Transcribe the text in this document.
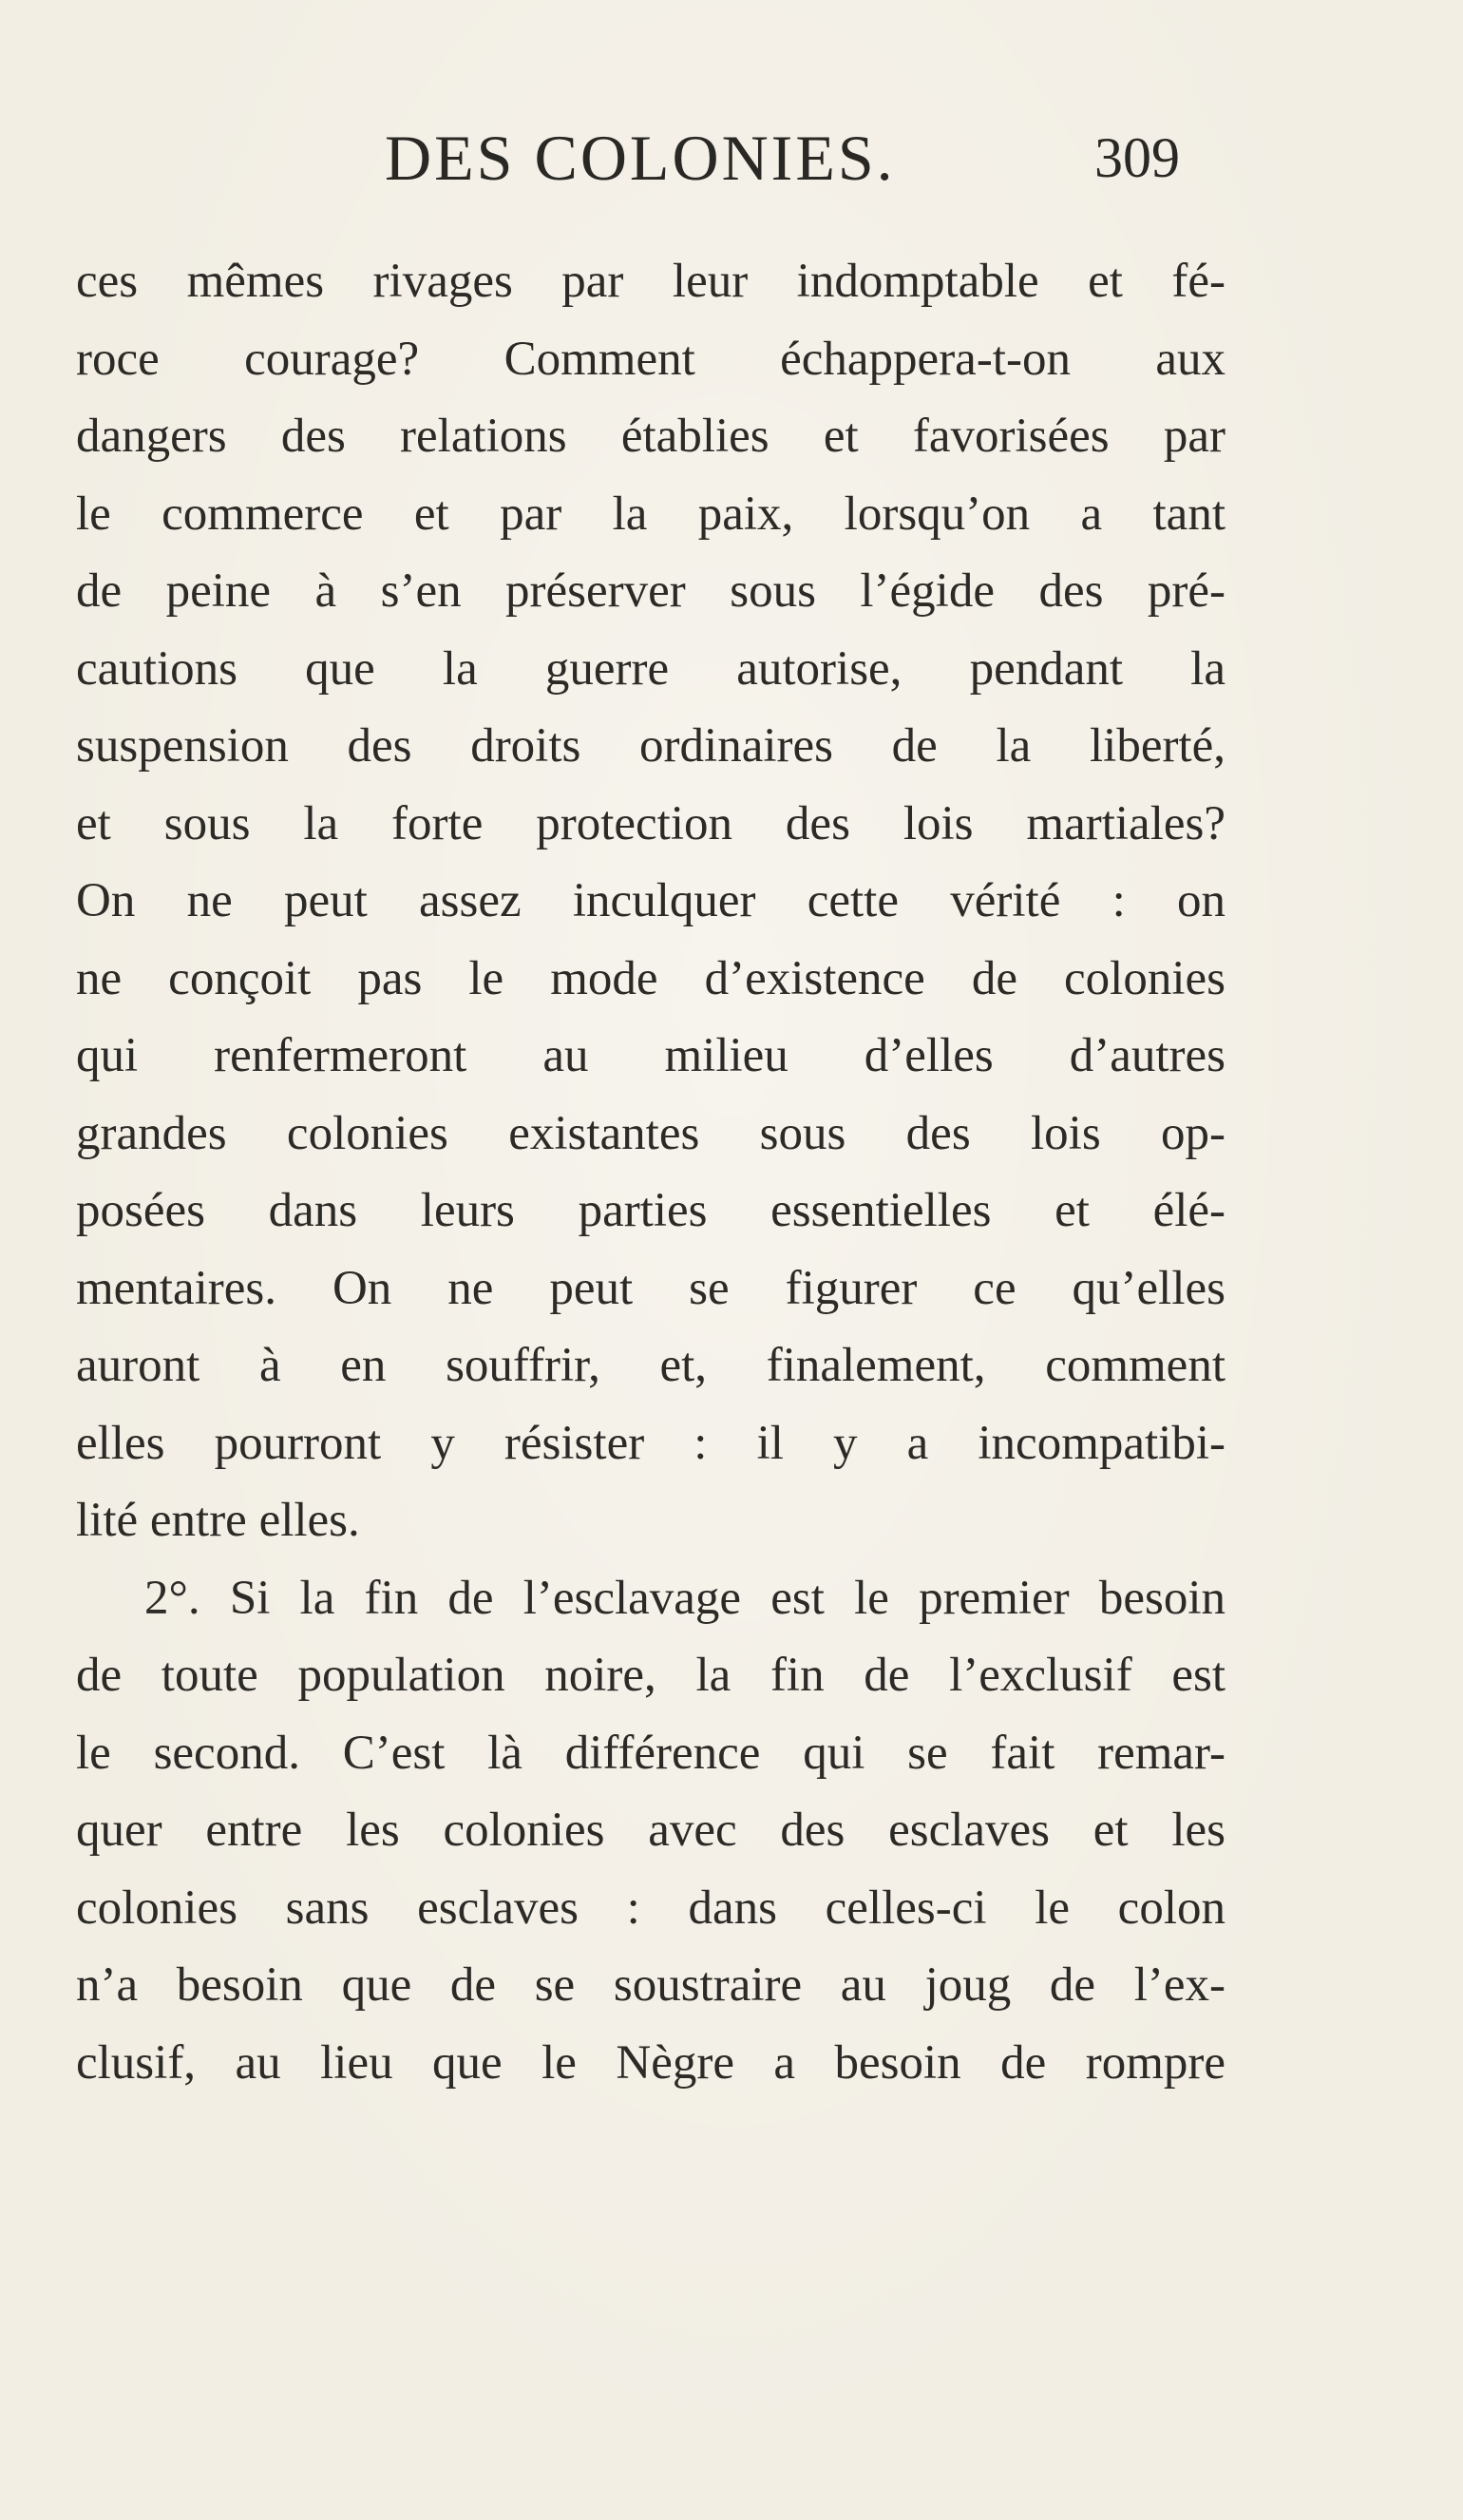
DES COLONIES.	309
ces mêmes rivages par leur indomptable et fé-
roce courage? Comment échappera-t-on aux
dangers des relations établies et favorisées par
le commerce et par la paix, lorsqu’on a tant
de peine à s’en préserver sous l’égide des pré-
cautions que la guerre autorise, pendant la
suspension des droits ordinaires de la liberté,
et sous la forte protection des lois martiales?
On ne peut assez inculquer cette vérité : on
ne conçoit pas le mode d’existence de colonies
qui renfermeront au milieu d’elles d’autres
grandes colonies existantes sous des lois op-
posées dans leurs parties essentielles et élé-
mentaires. On ne peut se figurer ce qu’elles
auront à en souffrir, et, finalement, comment
elles pourront y résister : il y a incompatibi-
lité entre elles.
2°. Si la fin de l’esclavage est le premier besoin
de toute population noire, la fin de l’exclusif est
le second. C’est là différence qui se fait remar-
quer entre les colonies avec des esclaves et les
colonies sans esclaves : dans celles-ci le colon
n’a besoin que de se soustraire au joug de l’ex-
clusif, au lieu que le Nègre a besoin de rompre
